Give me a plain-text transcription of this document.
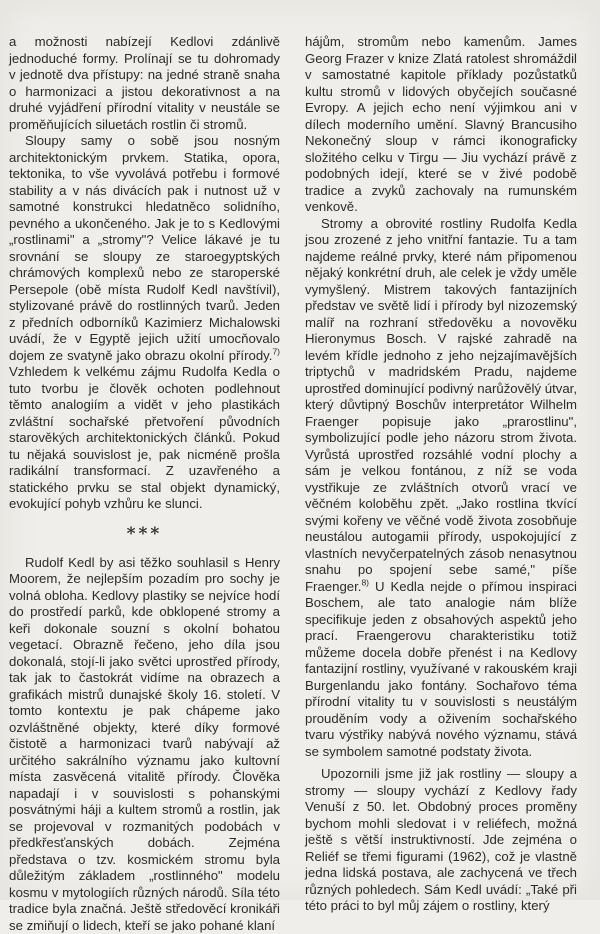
a možnosti nabízejí Kedlovi zdánlivě jednoduché formy. Prolínají se tu dohromady v jednotě dva přístupy: na jedné straně snaha o harmonizaci a jistou dekorativnost a na druhé vyjádření přírodní vitality v neustále se proměňujících siluetách rostlin či stromů.

Sloupy samy o sobě jsou nosným architektonickým prvkem. Statika, opora, tektonika, to vše vyvolává potřebu i formové stability a v nás divácích pak i nutnost už v samotné konstrukci hledatněco solidního, pevného a ukončeného. Jak je to s Kedlovými „rostlinami" a „stromy"? Velice lákavé je tu srovnání se sloupy ze staroegyptských chrámových komplexů nebo ze staroperské Persepole (obě místa Rudolf Kedl navštívil), stylizované právě do rostlinných tvarů. Jeden z předních odborníků Kazimierz Michalowski uvádí, že v Egyptě jejich užití umocňovalo dojem ze svatyně jako obrazu okolní přírody.$^{7)}$ Vzhledem k velkému zájmu Rudolfa Kedla o tuto tvorbu je člověk ochoten podlehnout těmto analogiím a vidět v jeho plastikách zvláštní sochařské přetvoření původních starověkých architektonických článků. Pokud tu nějaká souvislost je, pak nicméně prošla radikální transformací. Z uzavřeného a statického prvku se stal objekt dynamický, evokující pohyb vzhůru ke slunci.

***

Rudolf Kedl by asi těžko souhlasil s Henry Moorem, že nejlepším pozadím pro sochy je volná obloha. Kedlovy plastiky se nejvíce hodí do prostředí parků, kde obklopené stromy a keři dokonale souzní s okolní bohatou vegetací. Obrazně řečeno, jeho díla jsou dokonalá, stojí-li jako světci uprostřed přírody, tak jak to častokrát vidíme na obrazech a grafikách mistrů dunajské školy 16. století. V tomto kontextu je pak chápeme jako ozvláštněné objekty, které díky formové čistotě a harmonizaci tvarů nabývají až určitého sakrálního významu jako kultovní místa zasvěcená vitalitě přírody. Člověka napadají i v souvislosti s pohanskými posvátnými háji a kultem stromů a rostlin, jak se projevoval v rozmanitých podobách v předkřesťanských dobách. Zejména představa o tzv. kosmickém stromu byla důležitým základem „rostlinného" modelu kosmu v mytologiích různých národů. Síla této tradice byla značná. Ještě středověcí kronikáři se zmiňují o lidech, kteří se jako pohané klaní

hájům, stromům nebo kamenům. James Georg Frazer v knize Zlatá ratolest shromáždil v samostatné kapitole příklady pozůstatků kultu stromů v lidových obyčejích současné Evropy. A jejich echo není výjimkou ani v dílech moderního umění. Slavný Brancusiho Nekonečný sloup v rámci ikonograficky složitého celku v Tirgu — Jiu vychází právě z podobných idejí, které se v živé podobě tradice a zvyků zachovaly na rumunském venkově.

Stromy a obrovité rostliny Rudolfa Kedla jsou zrozené z jeho vnitřní fantazie. Tu a tam najdeme reálné prvky, které nám připomenou nějaký konkrétní druh, ale celek je vždy uměle vymyšlený. Mistrem takových fantazijních představ ve světě lidí i přírody byl nizozemský malíř na rozhraní středověku a novověku Hieronymus Bosch. V rajské zahradě na levém křídle jednoho z jeho nejzajímavějších triptychů v madridském Pradu, najdeme uprostřed dominující podivný narůžovělý útvar, který důvtipný Boschův interpretátor Wilhelm Fraenger popisuje jako „prarostlinu", symbolizující podle jeho názoru strom života. Vyrůstá uprostřed rozsáhlé vodní plochy a sám je velkou fontánou, z níž se voda vystřikuje ze zvláštních otvorů vrací ve věčném koloběhu zpět. „Jako rostlina tkvící svými kořeny ve věčné vodě života zosobňuje neustálou autogamii přírody, uspokojující z vlastních nevyčerpatelných zásob nenasytnou snahu po spojení sebe samé," píše Fraenger.$^{8)}$ U Kedla nejde o přímou inspiraci Boschem, ale tato analogie nám blíže specifikuje jeden z obsahových aspektů jeho prací. Fraengerovu charakteristiku totiž můžeme docela dobře přenést i na Kedlovy fantazijní rostliny, využívané v rakouském kraji Burgenlandu jako fontány. Sochařovo téma přírodní vitality tu v souvislosti s neustálým prouděním vody a oživením sochařského tvaru výstřiky nabývá nového významu, stává se symbolem samotné podstaty života.

Upozornili jsme již jak rostliny — sloupy a stromy — sloupy vychází z Kedlovy řady Venuší z 50. let. Obdobný proces proměny bychom mohli sledovat i v reliéfech, možná ještě s větší instruktivností. Jde zejména o Reliéf se třemi figurami (1962), což je vlastně jedna lidská postava, ale zachycená ve třech různých pohledech. Sám Kedl uvádí: „Také při této práci to byl můj zájem o rostliny, který
